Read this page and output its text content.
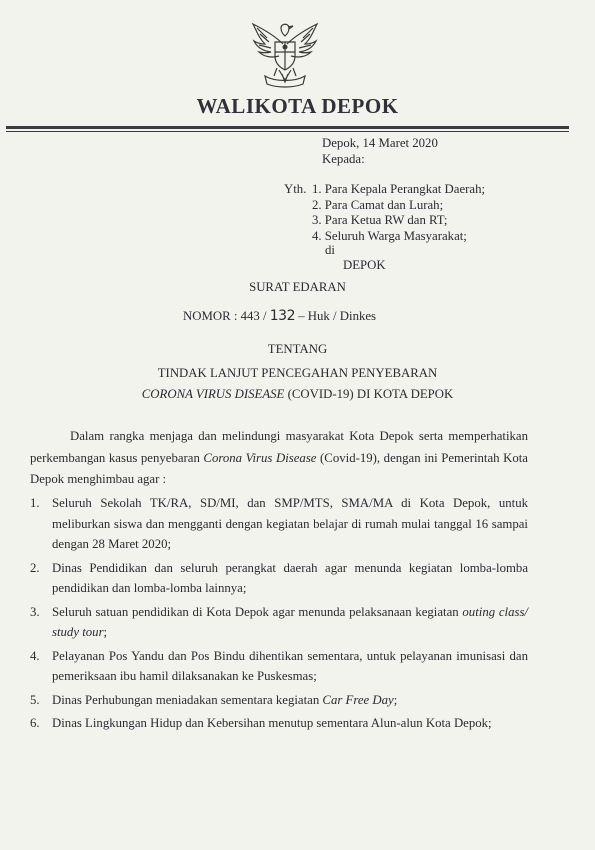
WALIKOTA DEPOK
Depok, 14 Maret 2020
Kepada:
Yth. 1. Para Kepala Perangkat Daerah;
2. Para Camat dan Lurah;
3. Para Ketua RW dan RT;
4. Seluruh Warga Masyarakat;
di
DEPOK
SURAT EDARAN
NOMOR : 443 / 132 – Huk / Dinkes
TENTANG
TINDAK LANJUT PENCEGAHAN PENYEBARAN
CORONA VIRUS DISEASE (COVID-19) DI KOTA DEPOK

Dalam rangka menjaga dan melindungi masyarakat Kota Depok serta memperhatikan perkembangan kasus penyebaran Corona Virus Disease (Covid-19), dengan ini Pemerintah Kota Depok menghimbau agar :

1. Seluruh Sekolah TK/RA, SD/MI, dan SMP/MTS, SMA/MA di Kota Depok, untuk meliburkan siswa dan mengganti dengan kegiatan belajar di rumah mulai tanggal 16 sampai dengan 28 Maret 2020;
2. Dinas Pendidikan dan seluruh perangkat daerah agar menunda kegiatan lomba-lomba pendidikan dan lomba-lomba lainnya;
3. Seluruh satuan pendidikan di Kota Depok agar menunda pelaksanaan kegiatan outing class/ study tour;
4. Pelayanan Pos Yandu dan Pos Bindu dihentikan sementara, untuk pelayanan imunisasi dan pemeriksaan ibu hamil dilaksanakan ke Puskesmas;
5. Dinas Perhubungan meniadakan sementara kegiatan Car Free Day;
6. Dinas Lingkungan Hidup dan Kebersihan menutup sementara Alun-alun Kota Depok;
